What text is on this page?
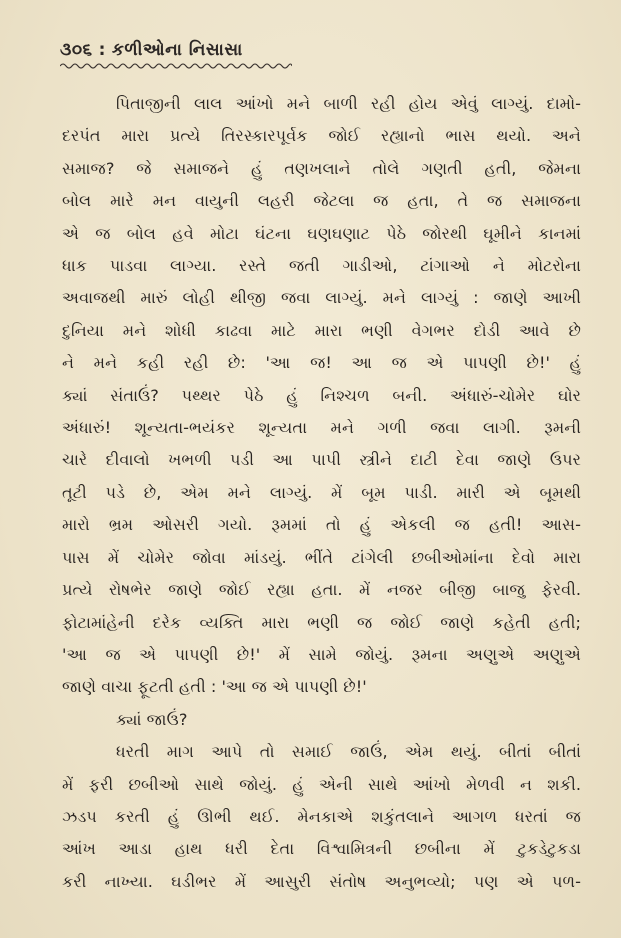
૩૦૬ : કળીઓના નિસાસા
પિતાજીની લાલ આંખો મને બાળી રહી હોય એવું લાગ્યું. દામો-
દરપંત મારા પ્રત્યે તિરસ્કારપૂર્વક જોઈ રહ્યાનો ભાસ થયો. અને
સમાજ? જે સમાજને હું તણખલાને તોલે ગણતી હતી, જેમના
બોલ મારે મન વાયુની લહરી જેટલા જ હતા, તે જ સમાજના
એ જ બોલ હવે મોટા ઘંટના ઘણઘણાટ પેઠે જોરથી ઘૂમીને કાનમાં
ધાક પાડવા લાગ્યા. રસ્તે જતી ગાડીઓ, ટાંગાઓ ને મોટરોના
અવાજથી મારું લોહી થીજી જવા લાગ્યું. મને લાગ્યું : જાણે આખી
દુનિયા મને શોધી કાઢવા માટે મારા ભણી વેગભર દોડી આવે છે
ને મને કહી રહી છે: 'આ જ! આ જ એ પાપણી છે!' હું
ક્યાં સંતાઉં? પથ્થર પેઠે હું નિશ્ચળ બની. અંધારું-ચોમેર ઘોર
અંધારું! શૂન્યતા-ભયંકર શૂન્યતા મને ગળી જવા લાગી. રૂમની
ચારે દીવાલો ખભળી પડી આ પાપી સ્ત્રીને દાટી દેવા જાણે ઉપર
તૂટી પડે છે, એમ મને લાગ્યું. મેં બૂમ પાડી. મારી એ બૂમથી
મારો ભ્રમ ઓસરી ગયો. રૂમમાં તો હું એકલી જ હતી! આસ-
પાસ મેં ચોમેર જોવા માંડયું. ભીંતે ટાંગેલી છબીઓમાંના દેવો મારા
પ્રત્યે રોષભેર જાણે જોઈ રહ્યા હતા. મેં નજર બીજી બાજુ ફેરવી.
ફોટામાંહેની દરેક વ્યક્તિ મારા ભણી જ જોઈ જાણે કહેતી હતી;
'આ જ એ પાપણી છે!' મેં સામે જોયું. રૂમના અણુએ અણુએ
જાણે વાચા ફૂટતી હતી : 'આ જ એ પાપણી છે!'

ક્યાં જાઉં?

ધરતી માગ આપે તો સમાઈ જાઉં, એમ થયું. બીતાં બીતાં
મેં ફરી છબીઓ સાથે જોયું. હું એની સાથે આંખો મેળવી ન શકી.
ઝડપ કરતી હું ઊભી થઈ. મેનકાએ શકુંતલાને આગળ ધરતાં જ
આંખ આડા હાથ ધરી દેતા વિશ્વામિત્રની છબીના મેં ટુકડેટુકડા
કરી નાખ્યા. ઘડીભર મેં આસુરી સંતોષ અનુભવ્યો; પણ એ પળ-
